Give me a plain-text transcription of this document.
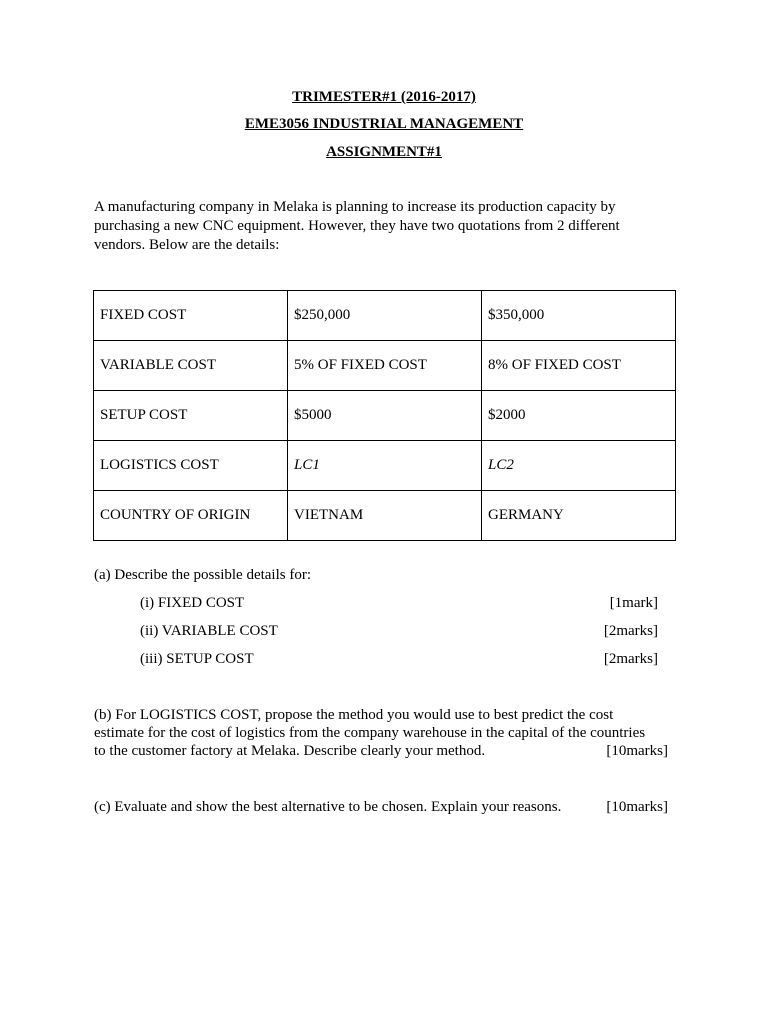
TRIMESTER#1 (2016-2017)
EME3056 INDUSTRIAL MANAGEMENT
ASSIGNMENT#1
A manufacturing company in Melaka is planning to increase its production capacity by
purchasing a new CNC equipment. However, they have two quotations from 2 different
vendors. Below are the details:
FIXED COST	$250,000	$350,000
VARIABLE COST	5% OF FIXED COST	8% OF FIXED COST
SETUP COST	$5000	$2000
LOGISTICS COST	LC1	LC2
COUNTRY OF ORIGIN	VIETNAM	GERMANY
(a) Describe the possible details for:
(i) FIXED COST	[1mark]
(ii) VARIABLE COST	[2marks]
(iii) SETUP COST	[2marks]
(b) For LOGISTICS COST, propose the method you would use to best predict the cost
estimate for the cost of logistics from the company warehouse in the capital of the countries
to the customer factory at Melaka. Describe clearly your method.	[10marks]
(c) Evaluate and show the best alternative to be chosen. Explain your reasons.	[10marks]
